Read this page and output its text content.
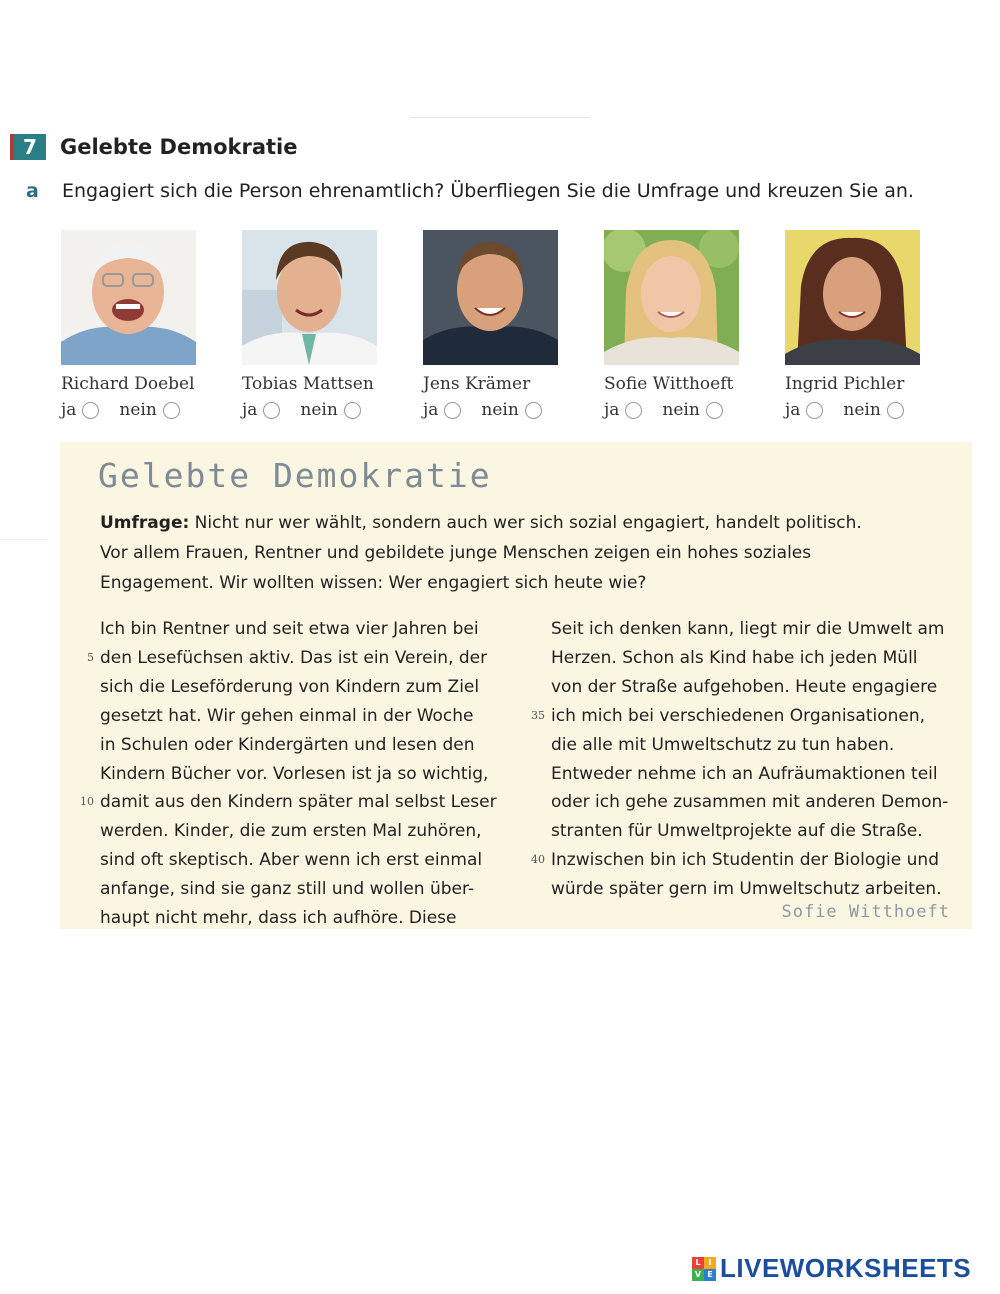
7	Gelebte Demokratie
a	Engagiert sich die Person ehrenamtlich? Überfliegen Sie die Umfrage und kreuzen Sie an.
Richard Doebel
ja	nein
Tobias Mattsen
ja	nein
Jens Krämer
ja	nein
Sofie Witthoeft
ja	nein
Ingrid Pichler
ja	nein
Gelebte Demokratie
Umfrage: Nicht nur wer wählt, sondern auch wer sich sozial engagiert, handelt politisch.
Vor allem Frauen, Rentner und gebildete junge Menschen zeigen ein hohes soziales
Engagement. Wir wollten wissen: Wer engagiert sich heute wie?
Ich bin Rentner und seit etwa vier Jahren bei
5 den Lesefüchsen aktiv. Das ist ein Verein, der
sich die Leseförderung von Kindern zum Ziel
gesetzt hat. Wir gehen einmal in der Woche
in Schulen oder Kindergärten und lesen den
Kindern Bücher vor. Vorlesen ist ja so wichtig,
10 damit aus den Kindern später mal selbst Leser
werden. Kinder, die zum ersten Mal zuhören,
sind oft skeptisch. Aber wenn ich erst einmal
anfange, sind sie ganz still und wollen über-
haupt nicht mehr, dass ich aufhöre. Diese
Seit ich denken kann, liegt mir die Umwelt am
Herzen. Schon als Kind habe ich jeden Müll
von der Straße aufgehoben. Heute engagiere
35 ich mich bei verschiedenen Organisationen,
die alle mit Umweltschutz zu tun haben.
Entweder nehme ich an Aufräumaktionen teil
oder ich gehe zusammen mit anderen Demon-
stranten für Umweltprojekte auf die Straße.
40 Inzwischen bin ich Studentin der Biologie und
würde später gern im Umweltschutz arbeiten.
Sofie Witthoeft
L I
V E LIVEWORKSHEETS
